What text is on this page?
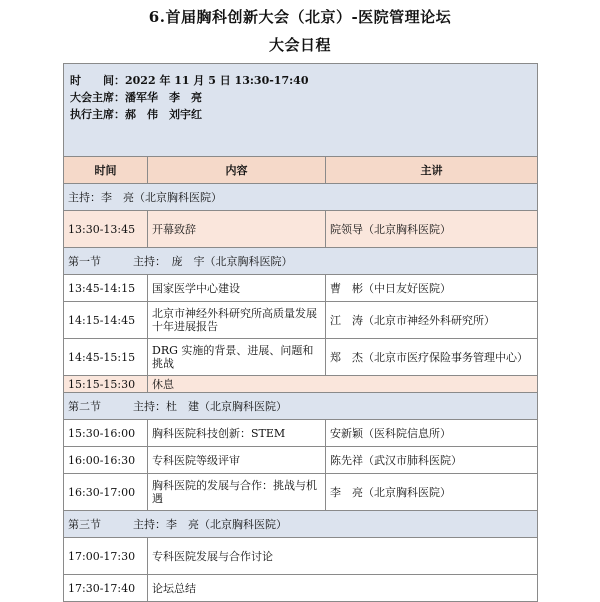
6.首届胸科创新大会（北京）-医院管理论坛
大会日程
时　　间：2022 年 11 月 5 日 13:30-17:40
大会主席：潘军华　李　亮
执行主席：郝　伟　刘宇红		

时间	内容	主讲
主持：李　亮（北京胸科医院）		
13:30-13:45	开幕致辞	院领导（北京胸科医院）
第一节 主持：　庞　宇（北京胸科医院）		
13:45-14:15	国家医学中心建设	曹　彬（中日友好医院）
14:15-14:45	北京市神经外科研究所高质量发展十年进展报告	江　涛（北京市神经外科研究所）
14:45-15:15	DRG 实施的背景、进展、问题和挑战	郑　杰（北京市医疗保险事务管理中心）
15:15-15:30	休息	
第二节 主持：杜　建（北京胸科医院）		
15:30-16:00	胸科医院科技创新：STEM	安新颖（医科院信息所）
16:00-16:30	专科医院等级评审	陈先祥（武汉市肺科医院）
16:30-17:00	胸科医院的发展与合作：挑战与机遇	李　亮（北京胸科医院）
第三节 主持：李　亮（北京胸科医院）		
17:00-17:30	专科医院发展与合作讨论	
17:30-17:40	论坛总结	
